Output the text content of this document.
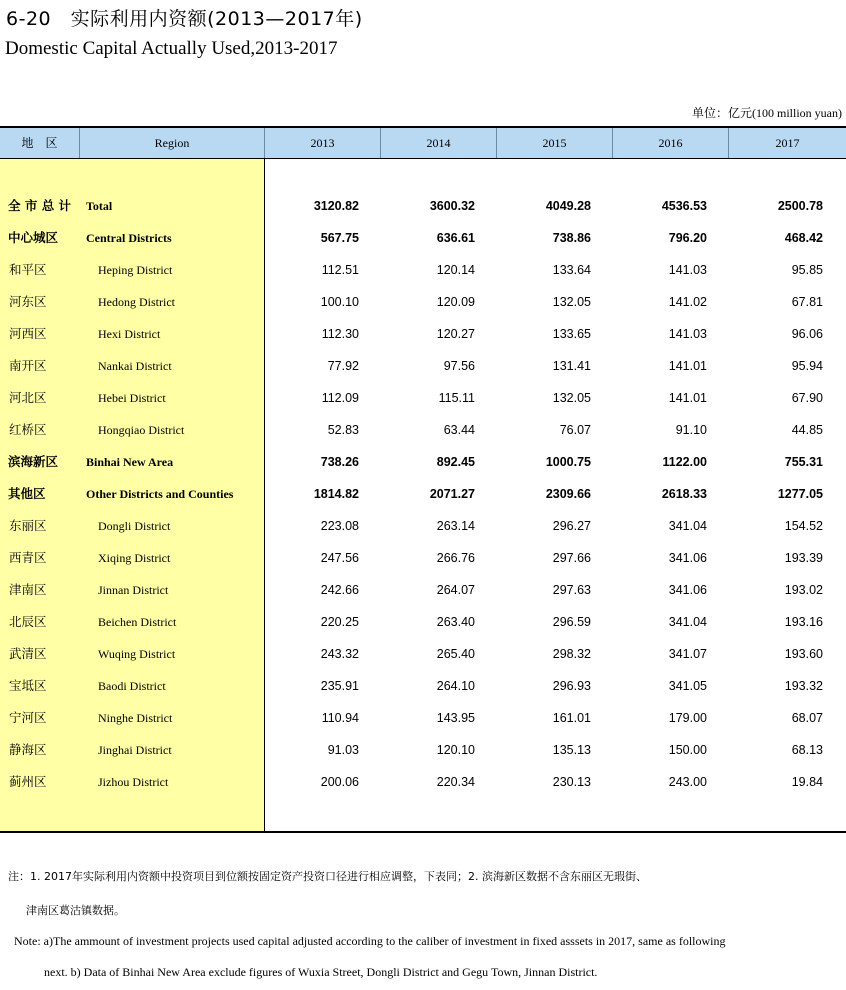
6-20　实际利用内资额(2013—2017年)
Domestic Capital Actually Used,2013-2017
单位：亿元(100 million yuan)
地　区	Region	2013	2014	2015	2016	2017
全 市 总 计 Total	3120.82	3600.32	4049.28	4536.53	2500.78
中心城区 Central Districts	567.75	636.61	738.86	796.20	468.42
和平区	Heping District	112.51	120.14	133.64	141.03	95.85
河东区	Hedong District	100.10	120.09	132.05	141.02	67.81
河西区	Hexi District	112.30	120.27	133.65	141.03	96.06
南开区	Nankai District	77.92	97.56	131.41	141.01	95.94
河北区	Hebei District	112.09	115.11	132.05	141.01	67.90
红桥区	Hongqiao District	52.83	63.44	76.07	91.10	44.85
滨海新区 Binhai New Area	738.26	892.45	1000.75	1122.00	755.31
其他区	Other Districts and Counties	1814.82	2071.27	2309.66	2618.33	1277.05
东丽区	Dongli District	223.08	263.14	296.27	341.04	154.52
西青区	Xiqing District	247.56	266.76	297.66	341.06	193.39
津南区	Jinnan District	242.66	264.07	297.63	341.06	193.02
北辰区	Beichen District	220.25	263.40	296.59	341.04	193.16
武清区	Wuqing District	243.32	265.40	298.32	341.07	193.60
宝坻区	Baodi District	235.91	264.10	296.93	341.05	193.32
宁河区	Ninghe District	110.94	143.95	161.01	179.00	68.07
静海区	Jinghai District	91.03	120.10	135.13	150.00	68.13
蓟州区	Jizhou District	200.06	220.34	230.13	243.00	19.84
注：1. 2017年实际利用内资额中投资项目到位额按固定资产投资口径进行相应调整，下表同；2. 滨海新区数据不含东丽区无瑕街、
津南区葛沽镇数据。
Note: a)The ammount of investment projects used capital adjusted according to the caliber of investment in fixed asssets in 2017, same as following
next. b) Data of Binhai New Area exclude figures of Wuxia Street, Dongli District and Gegu Town, Jinnan District.
